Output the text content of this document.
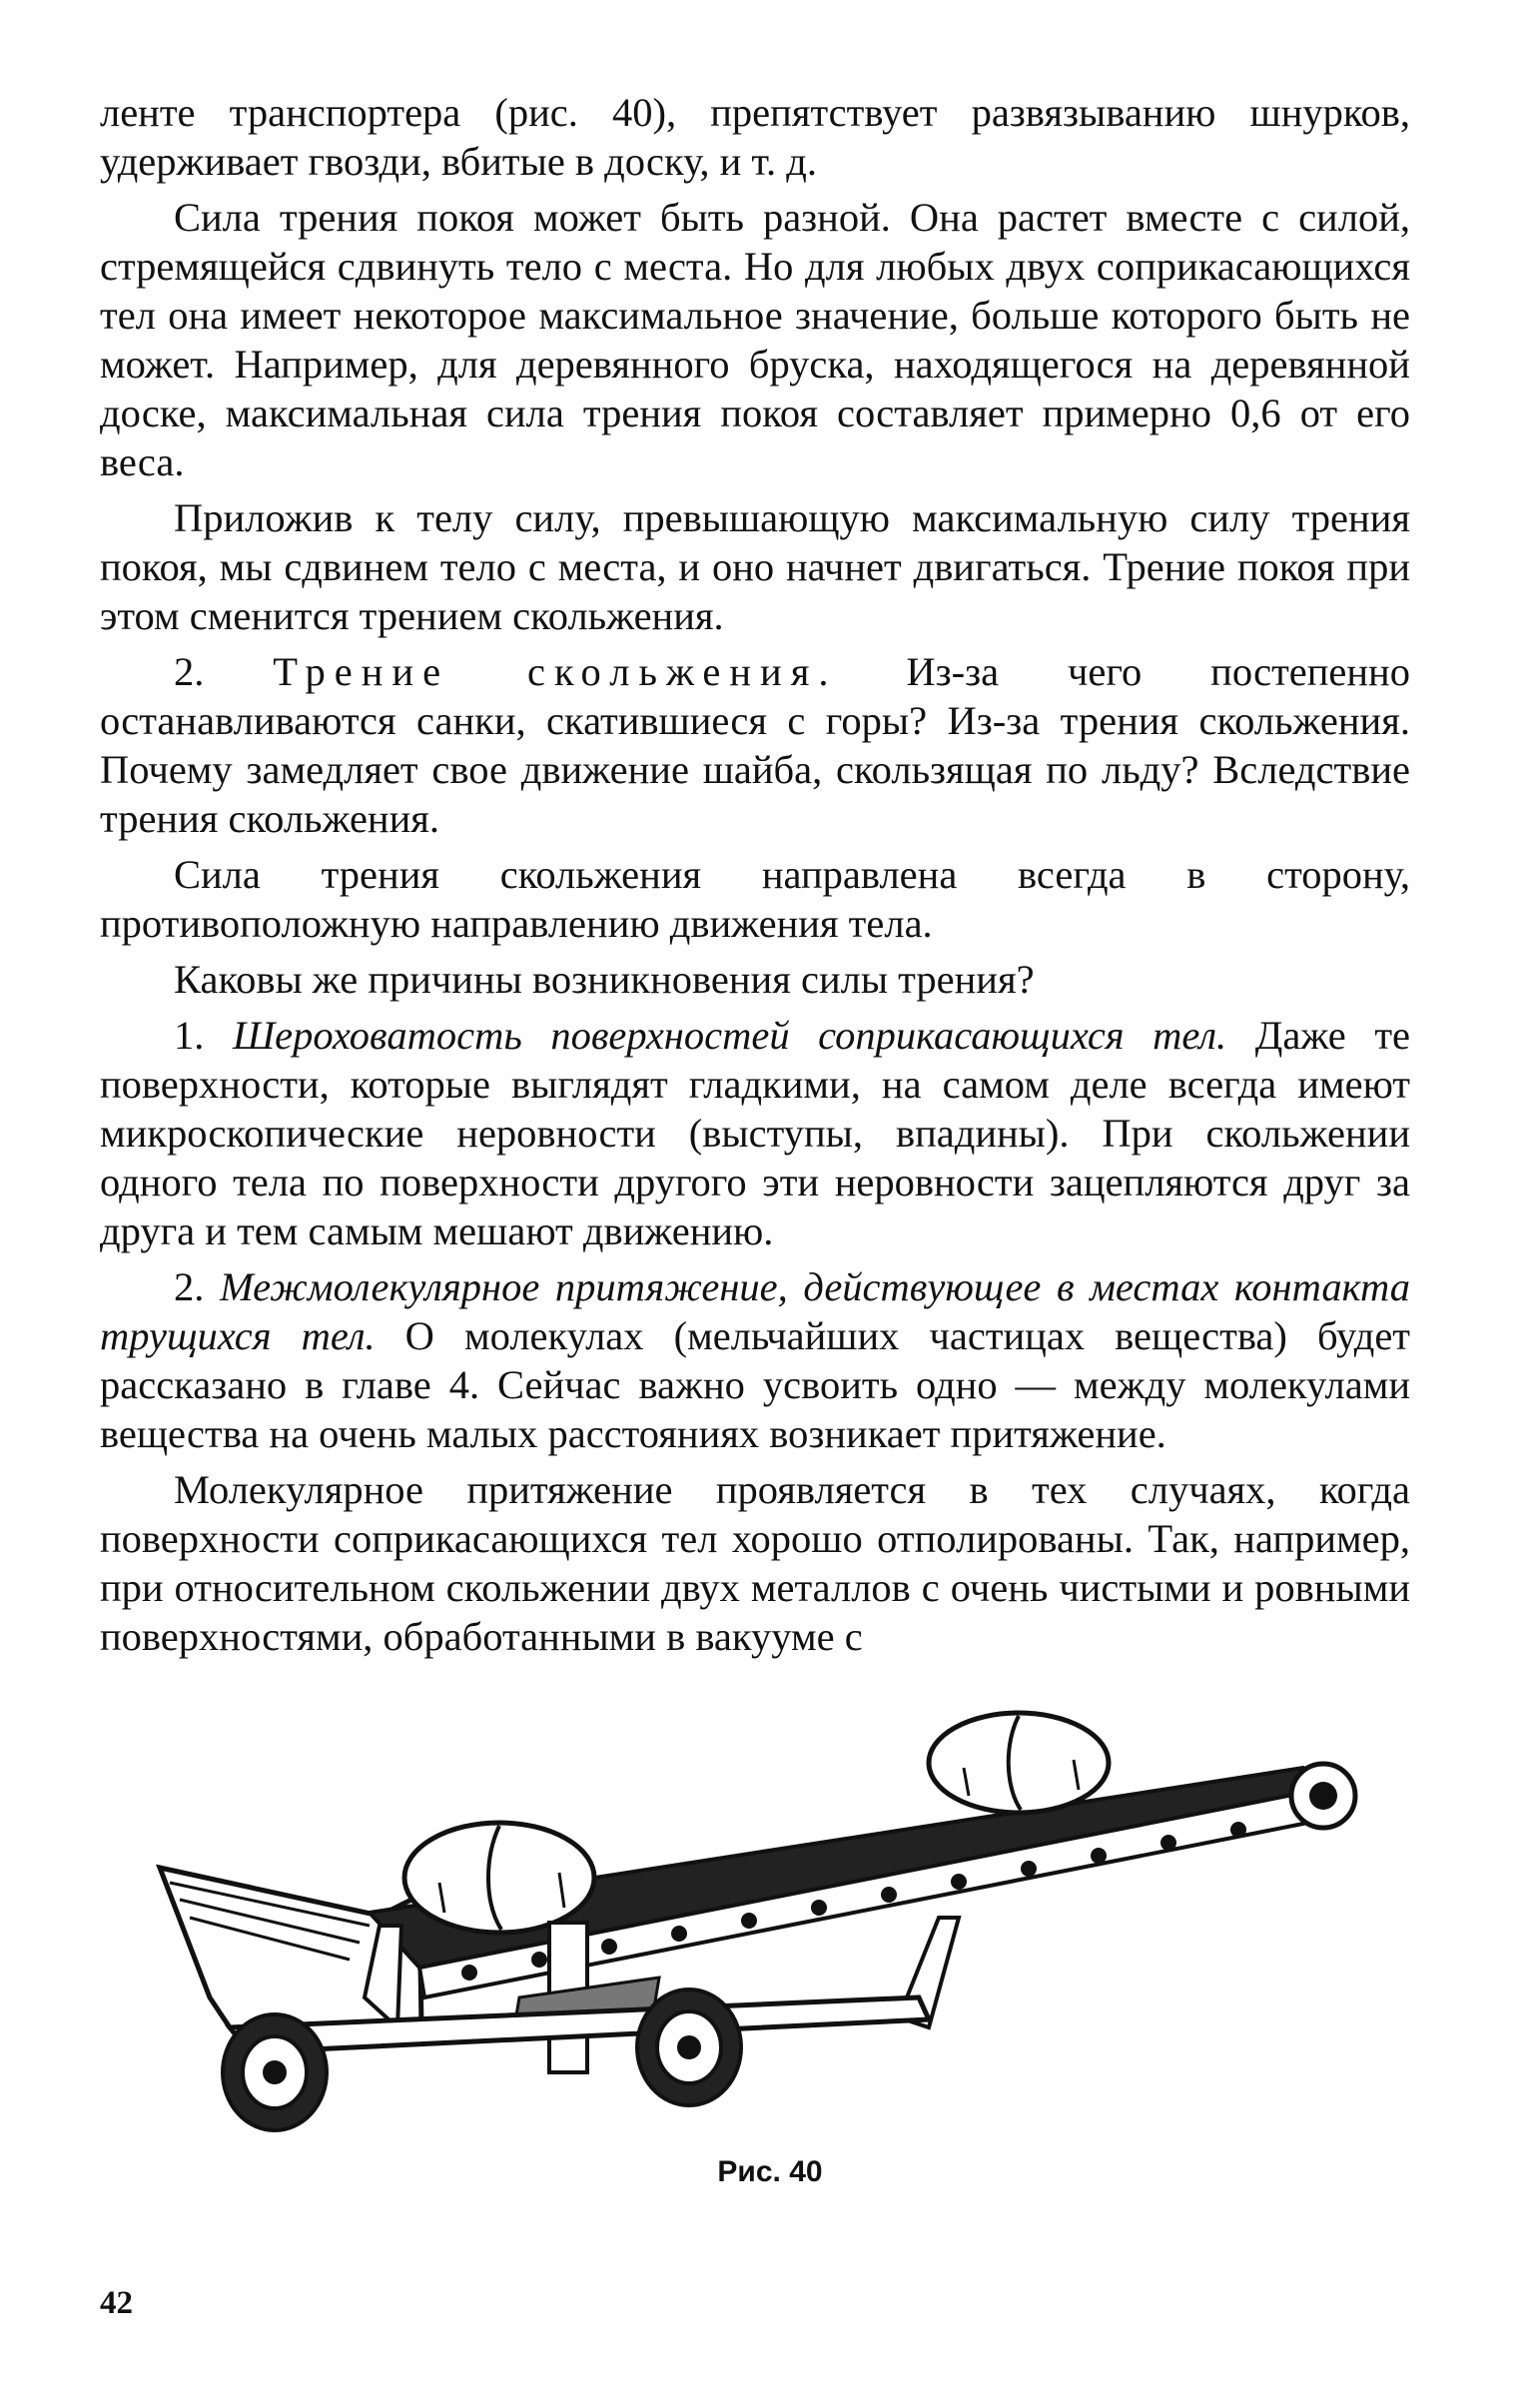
ленте транспортера (рис. 40), препятствует развязыванию шнурков, удерживает гвозди, вбитые в доску, и т. д.

Сила трения покоя может быть разной. Она растет вместе с силой, стремящейся сдвинуть тело с места. Но для любых двух соприкасающихся тел она имеет некоторое максимальное значение, больше которого быть не может. Например, для деревянного бруска, находящегося на деревянной доске, максимальная сила трения покоя составляет примерно 0,6 от его веса.

Приложив к телу силу, превышающую максимальную силу трения покоя, мы сдвинем тело с места, и оно начнет двигаться. Трение покоя при этом сменится трением скольжения.

2. Трение скольжения. Из-за чего постепенно останавливаются санки, скатившиеся с горы? Из-за трения скольжения. Почему замедляет свое движение шайба, скользящая по льду? Вследствие трения скольжения.

Сила трения скольжения направлена всегда в сторону, противоположную направлению движения тела.

Каковы же причины возникновения силы трения?

1. Шероховатость поверхностей соприкасающихся тел. Даже те поверхности, которые выглядят гладкими, на самом деле всегда имеют микроскопические неровности (выступы, впадины). При скольжении одного тела по поверхности другого эти неровности зацепляются друг за друга и тем самым мешают движению.

2. Межмолекулярное притяжение, действующее в местах контакта трущихся тел. О молекулах (мельчайших частицах вещества) будет рассказано в главе 4. Сейчас важно усвоить одно — между молекулами вещества на очень малых расстояниях возникает притяжение.

Молекулярное притяжение проявляется в тех случаях, когда поверхности соприкасающихся тел хорошо отполированы. Так, например, при относительном скольжении двух металлов с очень чистыми и ровными поверхностями, обработанными в вакууме с

Рис. 40
42
